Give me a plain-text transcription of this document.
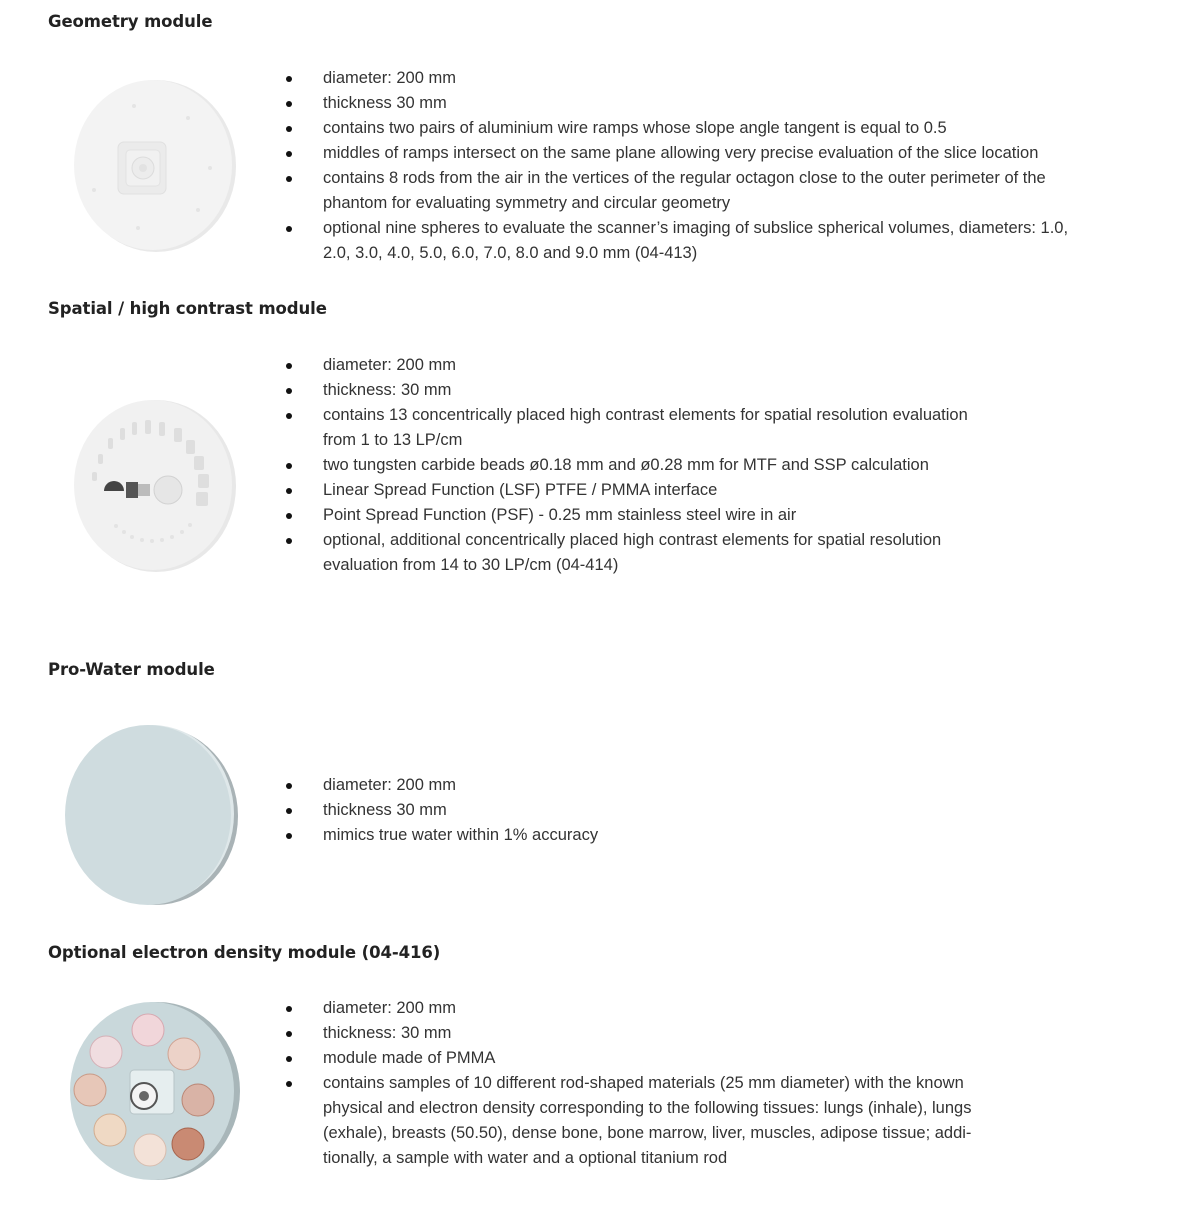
Geometry module
diameter: 200 mm
thickness 30 mm
contains two pairs of aluminium wire ramps whose slope angle tangent is equal to 0.5
middles of ramps intersect on the same plane allowing very precise evaluation of the slice location
contains 8 rods from the air in the vertices of the regular octagon close to the outer perimeter of the phantom for evaluating symmetry and circular geometry
optional nine spheres to evaluate the scanner’s imaging of subslice spherical volumes, diameters: 1.0, 2.0, 3.0, 4.0, 5.0, 6.0, 7.0, 8.0 and 9.0 mm (04-413)
Spatial / high contrast module
diameter: 200 mm
thickness: 30 mm
contains 13 concentrically placed high contrast elements for spatial resolution evaluation from 1 to 13 LP/cm
two tungsten carbide beads ø0.18 mm and ø0.28 mm for MTF and SSP calculation
Linear Spread Function (LSF) PTFE / PMMA interface
Point Spread Function (PSF) - 0.25 mm stainless steel wire in air
optional, additional concentrically placed high contrast elements for spatial resolution evaluation from 14 to 30 LP/cm (04-414)
Pro-Water module
diameter: 200 mm
thickness 30 mm
mimics true water within 1% accuracy
Optional electron density module (04-416)
diameter: 200 mm
thickness: 30 mm
module made of PMMA
contains samples of 10 different rod-shaped materials (25 mm diameter) with the known physical and electron density corresponding to the following tissues: lungs (inhale), lungs (exhale), breasts (50.50), dense bone, bone marrow, liver, muscles, adipose tissue; addi-tionally, a sample with water and a optional titanium rod
